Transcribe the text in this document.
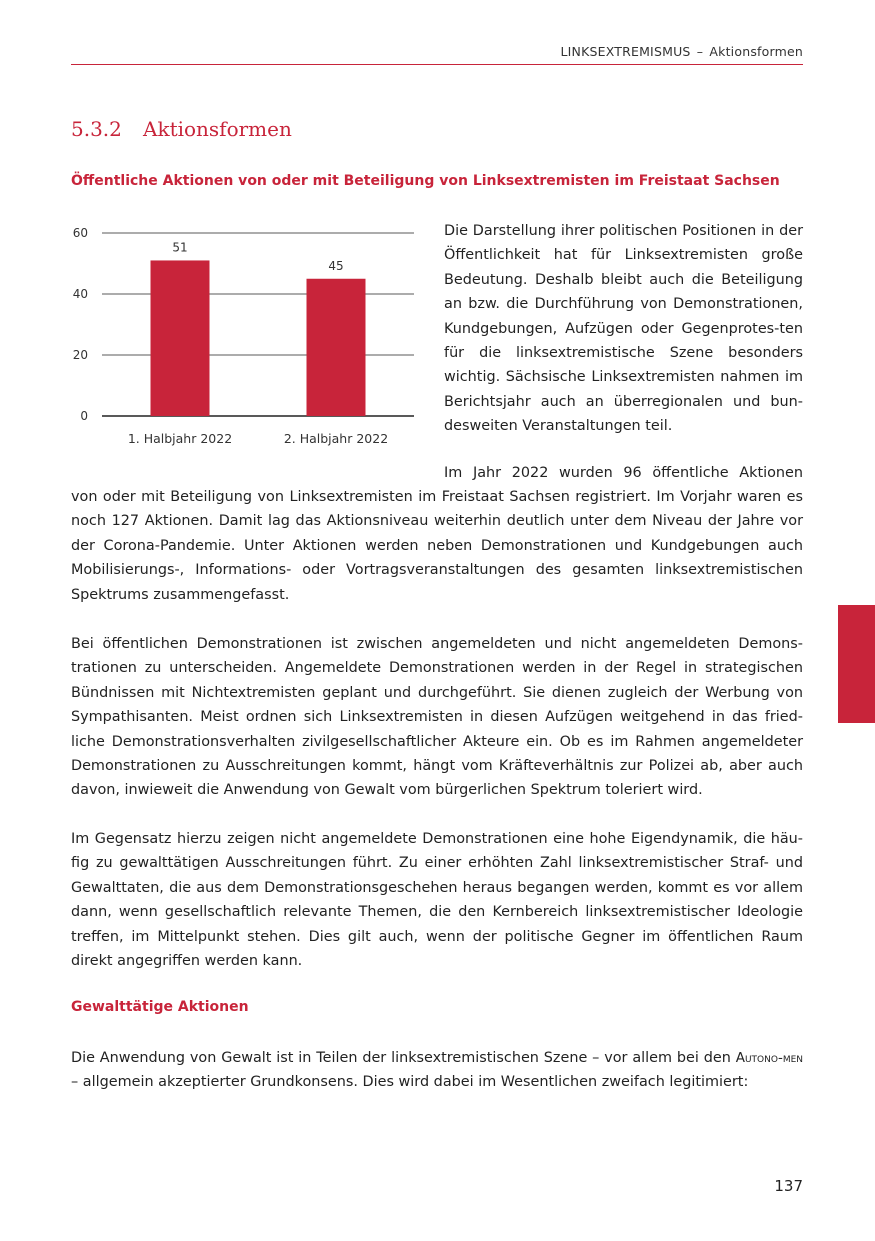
LINKSEXTREMISMUS – Aktionsformen
5.3.2 Aktionsformen
Öffentliche Aktionen von oder mit Beteiligung von Linksextremisten im Freistaat Sachsen
0
20
40
60
51
1. Halbjahr 2022
45
2. Halbjahr 2022

Die Darstellung ihrer politischen Positionen in der Öffentlichkeit hat für Linksextremisten große Bedeutung. Deshalb bleibt auch die Beteiligung an bzw. die Durchführung von Demonstrationen, Kundgebungen, Aufzügen oder Gegenprotes-ten für die linksextremistische Szene besonders wichtig. Sächsische Linksextremisten nahmen im Berichtsjahr auch an überregionalen und bun-desweiten Veranstaltungen teil.

Im Jahr 2022 wurden 96 öffentliche Aktionen

von oder mit Beteiligung von Linksextremisten im Freistaat Sachsen registriert. Im Vorjahr waren es noch 127 Aktionen. Damit lag das Aktionsniveau weiterhin deutlich unter dem Niveau der Jahre vor der Corona-Pandemie. Unter Aktionen werden neben Demonstrationen und Kundgebungen auch Mobilisierungs-, Informations- oder Vortragsveranstaltungen des gesamten linksextremistischen Spektrums zusammengefasst.

Bei öffentlichen Demonstrationen ist zwischen angemeldeten und nicht angemeldeten Demons-trationen zu unterscheiden. Angemeldete Demonstrationen werden in der Regel in strategischen Bündnissen mit Nichtextremisten geplant und durchgeführt. Sie dienen zugleich der Werbung von Sympathisanten. Meist ordnen sich Linksextremisten in diesen Aufzügen weitgehend in das fried-liche Demonstrationsverhalten zivilgesellschaftlicher Akteure ein. Ob es im Rahmen angemeldeter Demonstrationen zu Ausschreitungen kommt, hängt vom Kräfteverhältnis zur Polizei ab, aber auch davon, inwieweit die Anwendung von Gewalt vom bürgerlichen Spektrum toleriert wird.

Im Gegensatz hierzu zeigen nicht angemeldete Demonstrationen eine hohe Eigendynamik, die häu-fig zu gewalttätigen Ausschreitungen führt. Zu einer erhöhten Zahl linksextremistischer Straf- und Gewalttaten, die aus dem Demonstrationsgeschehen heraus begangen werden, kommt es vor allem dann, wenn gesellschaftlich relevante Themen, die den Kernbereich linksextremistischer Ideologie treffen, im Mittelpunkt stehen. Dies gilt auch, wenn der politische Gegner im öffentlichen Raum direkt angegriffen werden kann.

Gewalttätige Aktionen

Die Anwendung von Gewalt ist in Teilen der linksextremistischen Szene – vor allem bei den Autono-men – allgemein akzeptierter Grundkonsens. Dies wird dabei im Wesentlichen zweifach legitimiert:

137
